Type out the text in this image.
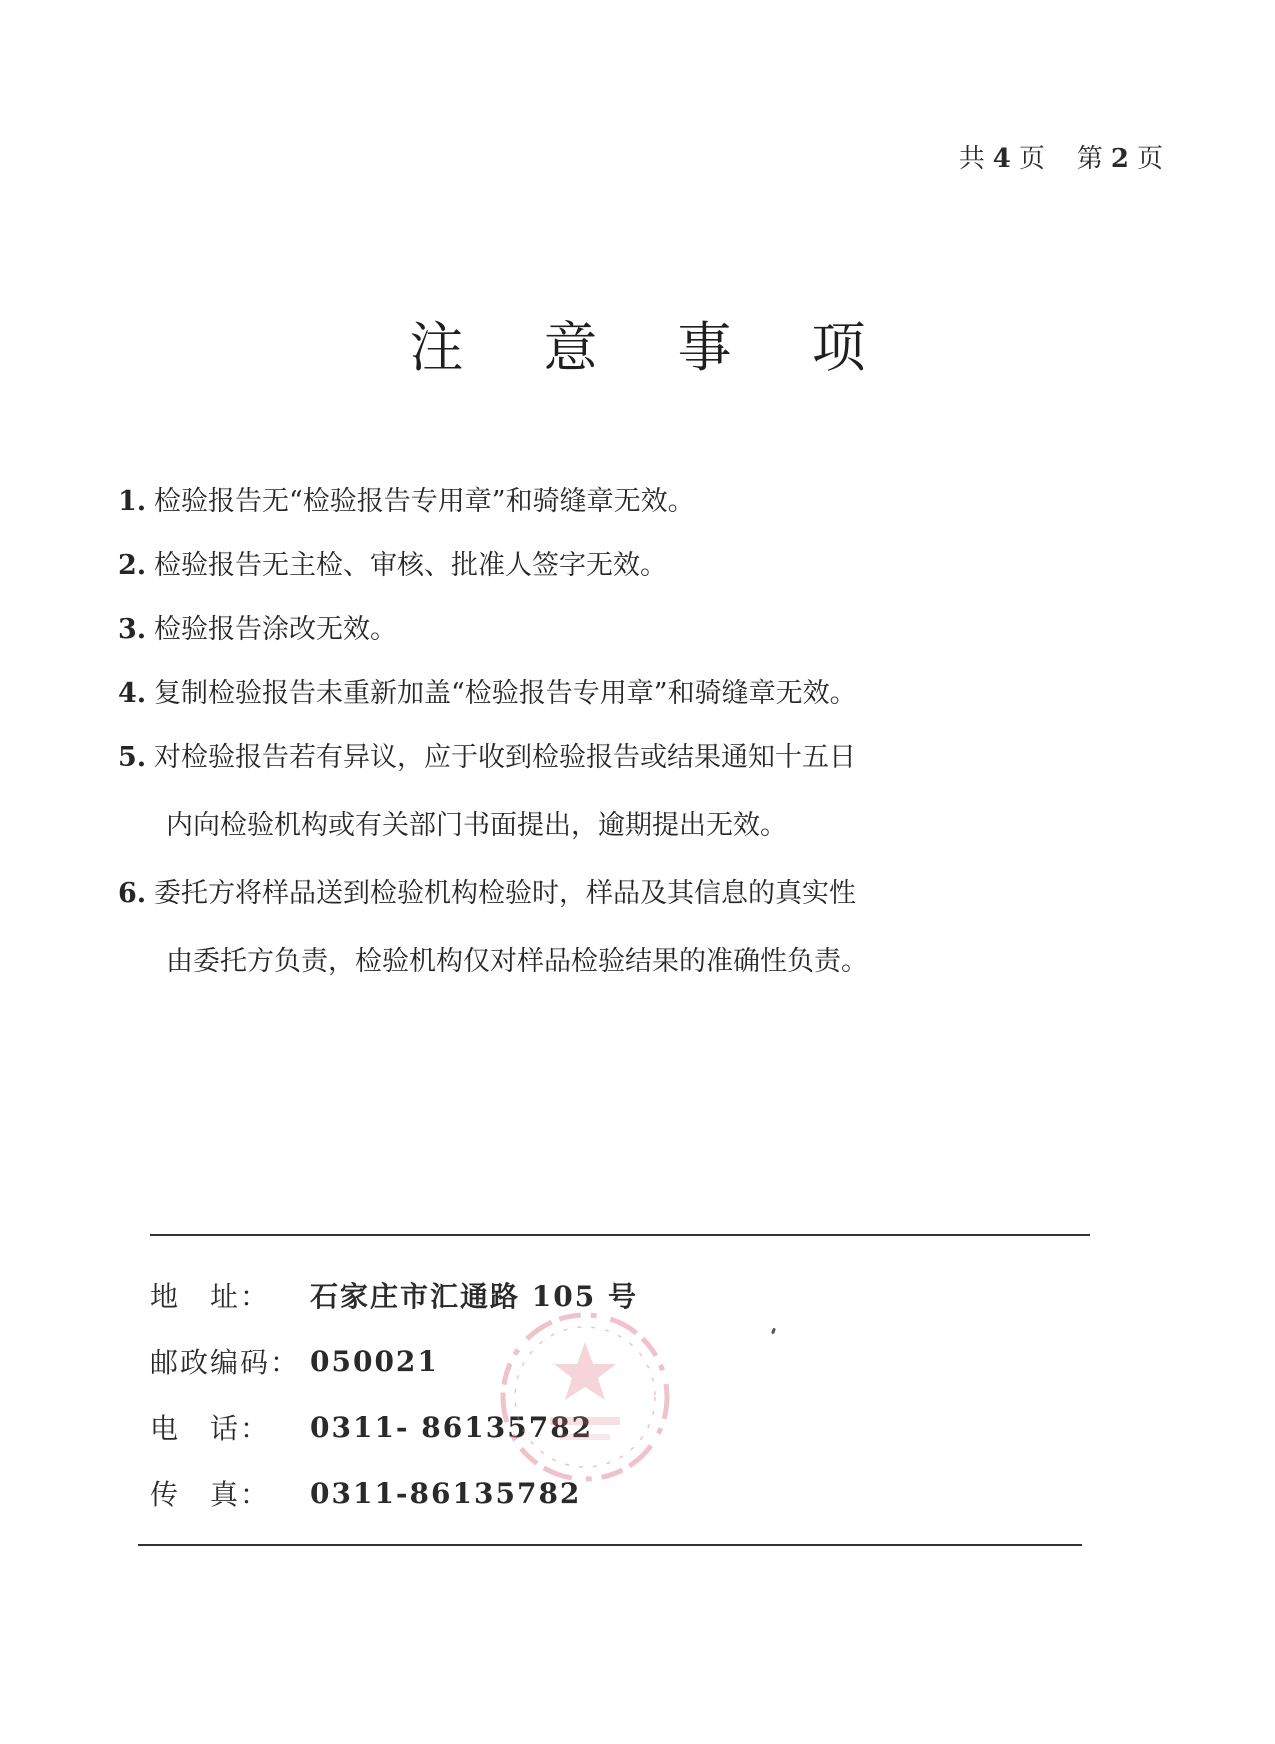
共 4 页 第 2 页
注意事项
1. 检验报告无“检验报告专用章”和骑缝章无效。
2. 检验报告无主检、审核、批准人签字无效。
3. 检验报告涂改无效。
4. 复制检验报告未重新加盖“检验报告专用章”和骑缝章无效。
5. 对检验报告若有异议，应于收到检验报告或结果通知十五日
内向检验机构或有关部门书面提出，逾期提出无效。
6. 委托方将样品送到检验机构检验时，样品及其信息的真实性
由委托方负责，检验机构仅对样品检验结果的准确性负责。
地　址：	石家庄市汇通路 105 号
邮政编码： 050021
电　话：	0311- 86135782
传　真：	0311-86135782
